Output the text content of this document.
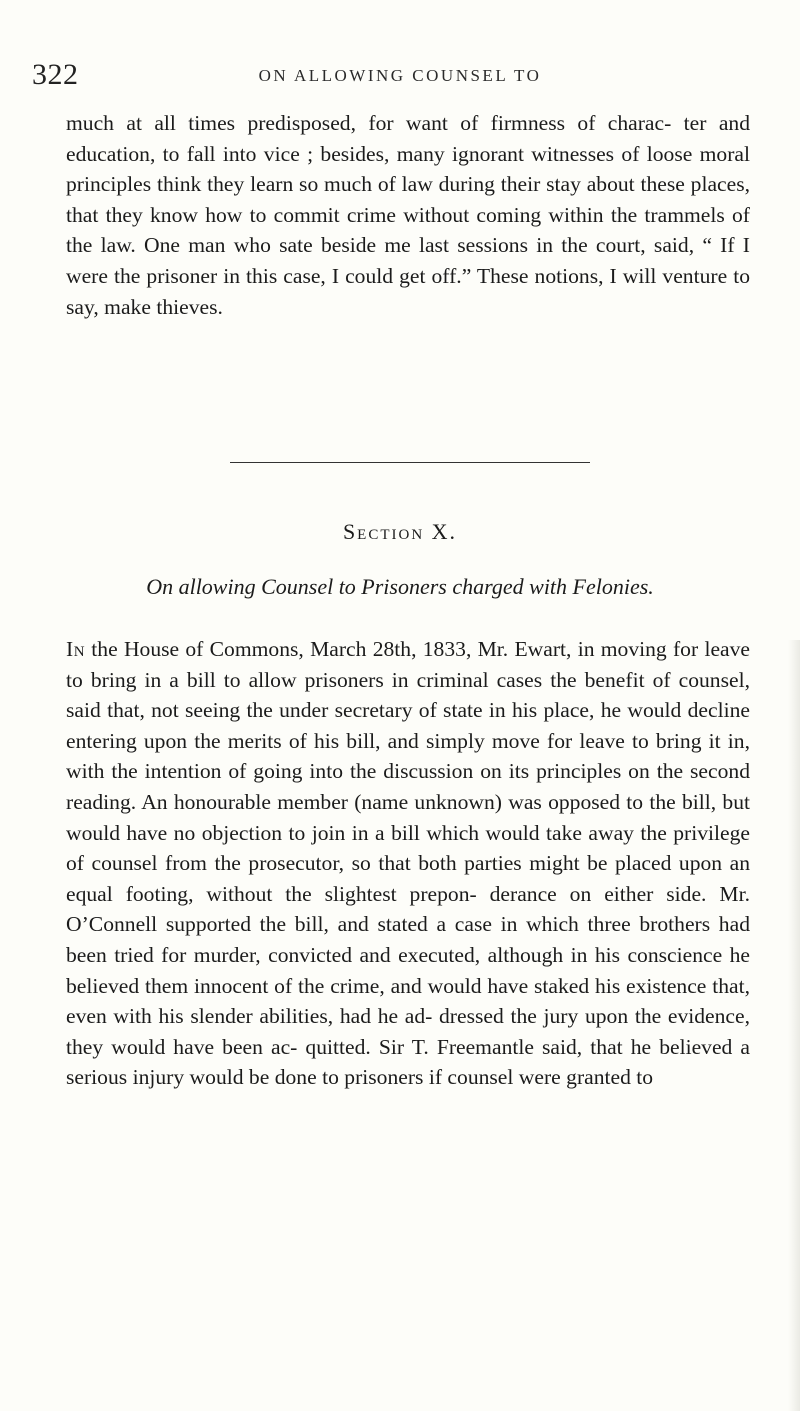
322	ON ALLOWING COUNSEL TO

much at all times predisposed, for want of firmness of charac- ter and education, to fall into vice ; besides, many ignorant witnesses of loose moral principles think they learn so much of law during their stay about these places, that they know how to commit crime without coming within the trammels of the law. One man who sate beside me last sessions in the court, said, “ If I were the prisoner in this case, I could get off.” These notions, I will venture to say, make thieves.

Section X.
On allowing Counsel to Prisoners charged with Felonies.

In the House of Commons, March 28th, 1833, Mr. Ewart, in moving for leave to bring in a bill to allow prisoners in criminal cases the benefit of counsel, said that, not seeing the under secretary of state in his place, he would decline entering upon the merits of his bill, and simply move for leave to bring it in, with the intention of going into the discussion on its principles on the second reading. An honourable member (name unknown) was opposed to the bill, but would have no objection to join in a bill which would take away the privilege of counsel from the prosecutor, so that both parties might be placed upon an equal footing, without the slightest prepon- derance on either side. Mr. O’Connell supported the bill, and stated a case in which three brothers had been tried for murder, convicted and executed, although in his conscience he believed them innocent of the crime, and would have staked his existence that, even with his slender abilities, had he ad- dressed the jury upon the evidence, they would have been ac- quitted. Sir T. Freemantle said, that he believed a serious injury would be done to prisoners if counsel were granted to
